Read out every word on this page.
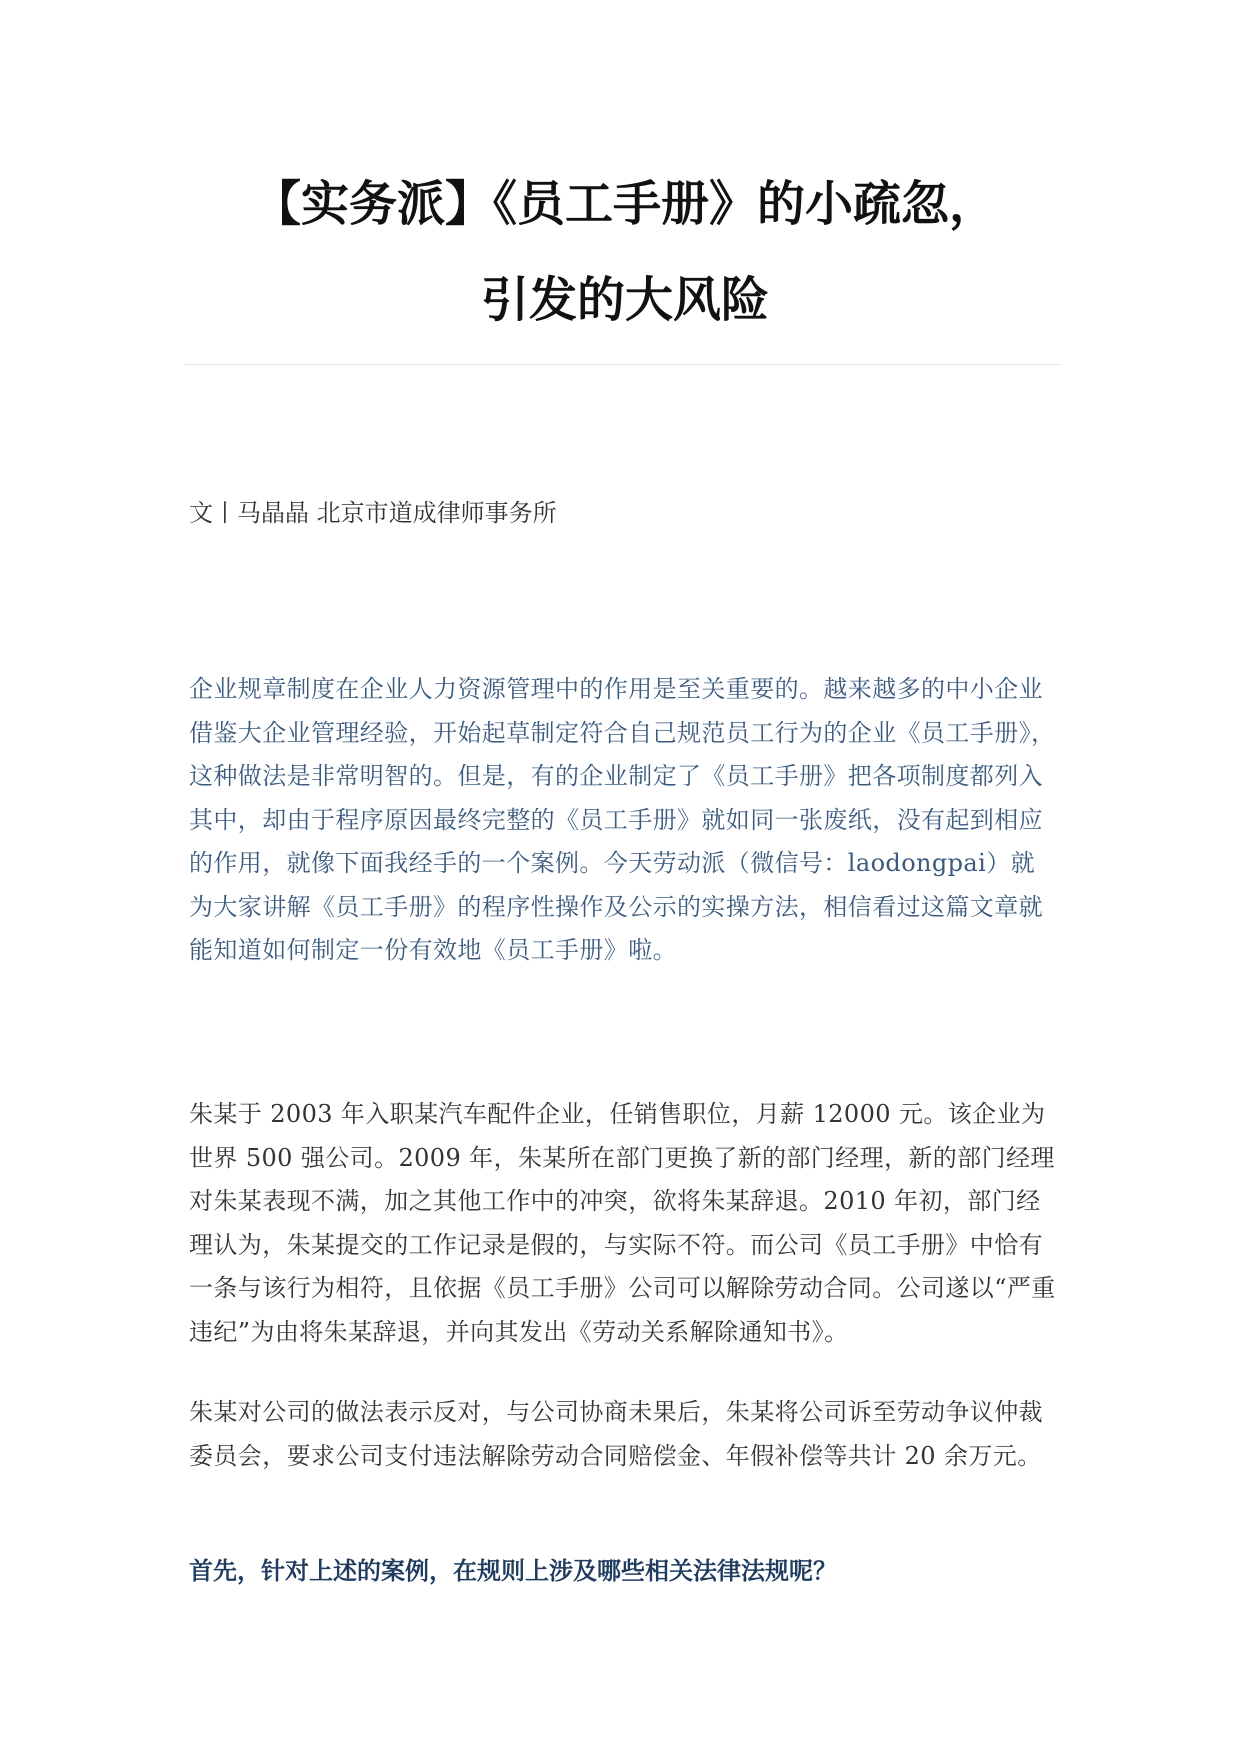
【实务派】《员工手册》的小疏忽，
引发的大风险
文丨马晶晶 北京市道成律师事务所

企业规章制度在企业人力资源管理中的作用是至关重要的。越来越多的中小企业借鉴大企业管理经验，开始起草制定符合自己规范员工行为的企业《员工手册》，这种做法是非常明智的。但是，有的企业制定了《员工手册》把各项制度都列入其中，却由于程序原因最终完整的《员工手册》就如同一张废纸，没有起到相应的作用，就像下面我经手的一个案例。今天劳动派（微信号：laodongpai）就为大家讲解《员工手册》的程序性操作及公示的实操方法，相信看过这篇文章就能知道如何制定一份有效地《员工手册》啦。

朱某于 2003 年入职某汽车配件企业，任销售职位，月薪 12000 元。该企业为世界 500 强公司。2009 年，朱某所在部门更换了新的部门经理，新的部门经理对朱某表现不满，加之其他工作中的冲突，欲将朱某辞退。2010 年初，部门经理认为，朱某提交的工作记录是假的，与实际不符。而公司《员工手册》中恰有一条与该行为相符，且依据《员工手册》公司可以解除劳动合同。公司遂以“严重违纪”为由将朱某辞退，并向其发出《劳动关系解除通知书》。

朱某对公司的做法表示反对，与公司协商未果后，朱某将公司诉至劳动争议仲裁委员会，要求公司支付违法解除劳动合同赔偿金、年假补偿等共计 20 余万元。

首先，针对上述的案例，在规则上涉及哪些相关法律法规呢？
